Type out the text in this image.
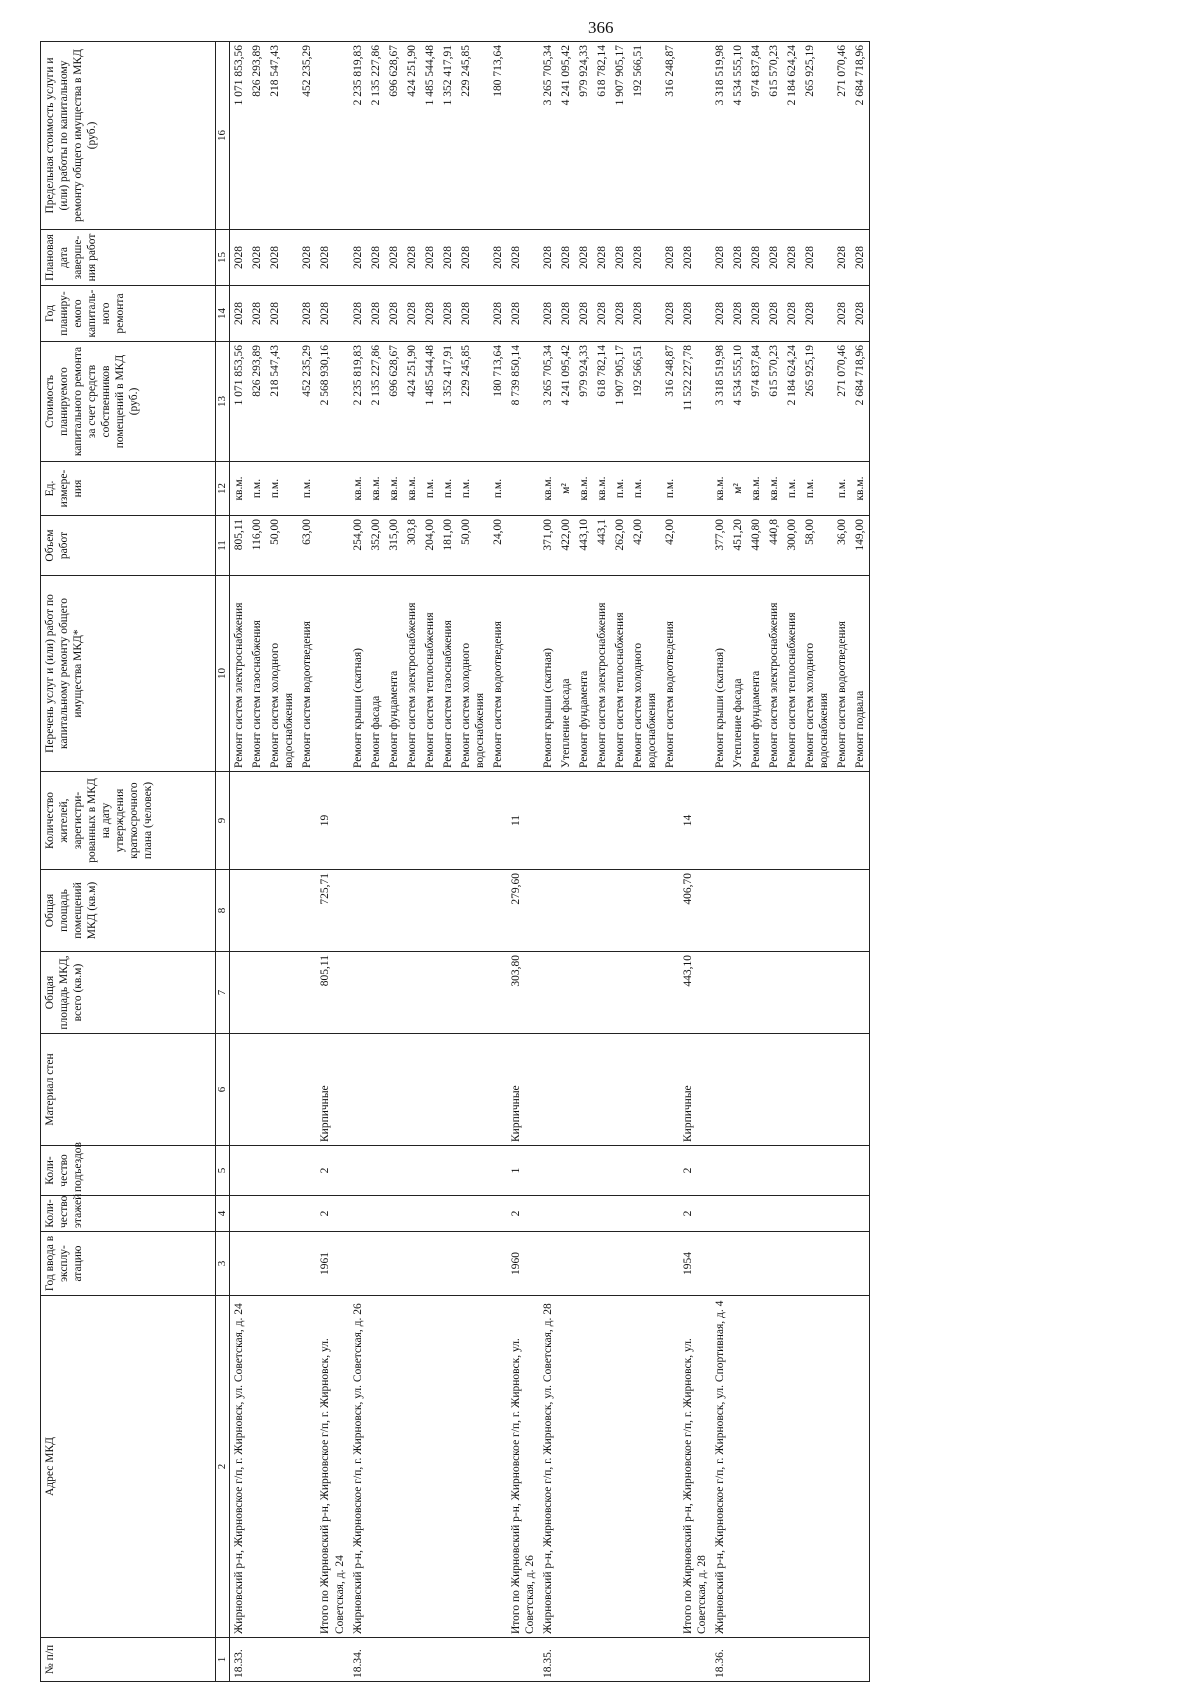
366
№ п/п	Адрес МКД	Год ввода в эксплу-атацию	Коли-чество этажей	Коли-чество подъездов	Материал стен	Общая площадь МКД, всего (кв.м)	Общая площадь помещений МКД (кв.м)	Количество жителей, зарегистри-рованных в МКД на дату утверждения краткосрочного плана (человек)	Перечень услуг и (или) работ по капитальному ремонту общего имущества МКД*	Объем работ	Ед. измере-ния	Стоимость планируемого капитального ремонта за счет средств собственников помещений в МКД (руб.)	Год планиру-емого капиталь-ного ремонта	Плановая дата заверше-ния работ	Предельная стоимость услуги и (или) работы по капитальному ремонту общего имущества в МКД (руб.)
1	2	3	4	5	6	7	8	9	10	11	12	13	14	15	16
18.33.	Жирновский р-н, Жирновское г/п, г. Жирновск, ул. Советская, д. 24								Ремонт систем электроснабжения	805,11	кв.м.	1 071 853,56	2028	2028	1 071 853,56
									Ремонт систем газоснабжения	116,00	п.м.	826 293,89	2028	2028	826 293,89
									Ремонт систем холодного водоснабжения	50,00	п.м.	218 547,43	2028	2028	218 547,43
									Ремонт систем водоотведения	63,00	п.м.	452 235,29	2028	2028	452 235,29
	Итого по Жирновский р-н, Жирновское г/п, г. Жирновск, ул. Советская, д. 24	1961	2	2	Кирпичные	805,11	725,71	19				2 568 930,16	2028	2028	
18.34.	Жирновский р-н, Жирновское г/п, г. Жирновск, ул. Советская, д. 26								Ремонт крыши (скатная)	254,00	кв.м.	2 235 819,83	2028	2028	2 235 819,83
									Ремонт фасада	352,00	кв.м.	2 135 227,86	2028	2028	2 135 227,86
									Ремонт фундамента	315,00	кв.м.	696 628,67	2028	2028	696 628,67
									Ремонт систем электроснабжения	303,8	кв.м.	424 251,90	2028	2028	424 251,90
									Ремонт систем теплоснабжения	204,00	п.м.	1 485 544,48	2028	2028	1 485 544,48
									Ремонт систем газоснабжения	181,00	п.м.	1 352 417,91	2028	2028	1 352 417,91
									Ремонт систем холодного водоснабжения	50,00	п.м.	229 245,85	2028	2028	229 245,85
									Ремонт систем водоотведения	24,00	п.м.	180 713,64	2028	2028	180 713,64
	Итого по Жирновский р-н, Жирновское г/п, г. Жирновск, ул. Советская, д. 26	1960	2	1	Кирпичные	303,80	279,60	11				8 739 850,14	2028	2028	
18.35.	Жирновский р-н, Жирновское г/п, г. Жирновск, ул. Советская, д. 28								Ремонт крыши (скатная)	371,00	кв.м.	3 265 705,34	2028	2028	3 265 705,34
									Утепление фасада	422,00	м²	4 241 095,42	2028	2028	4 241 095,42
									Ремонт фундамента	443,10	кв.м.	979 924,33	2028	2028	979 924,33
									Ремонт систем электроснабжения	443,1	кв.м.	618 782,14	2028	2028	618 782,14
									Ремонт систем теплоснабжения	262,00	п.м.	1 907 905,17	2028	2028	1 907 905,17
									Ремонт систем холодного водоснабжения	42,00	п.м.	192 566,51	2028	2028	192 566,51
									Ремонт систем водоотведения	42,00	п.м.	316 248,87	2028	2028	316 248,87
	Итого по Жирновский р-н, Жирновское г/п, г. Жирновск, ул. Советская, д. 28	1954	2	2	Кирпичные	443,10	406,70	14				11 522 227,78	2028	2028	
18.36.	Жирновский р-н, Жирновское г/п, г. Жирновск, ул. Спортивная, д. 4								Ремонт крыши (скатная)	377,00	кв.м.	3 318 519,98	2028	2028	3 318 519,98
									Утепление фасада	451,20	м²	4 534 555,10	2028	2028	4 534 555,10
									Ремонт фундамента	440,80	кв.м.	974 837,84	2028	2028	974 837,84
									Ремонт систем электроснабжения	440,8	кв.м.	615 570,23	2028	2028	615 570,23
									Ремонт систем теплоснабжения	300,00	п.м.	2 184 624,24	2028	2028	2 184 624,24
									Ремонт систем холодного водоснабжения	58,00	п.м.	265 925,19	2028	2028	265 925,19
									Ремонт систем водоотведения	36,00	п.м.	271 070,46	2028	2028	271 070,46
									Ремонт подвала	149,00	кв.м.	2 684 718,96	2028	2028	2 684 718,96
